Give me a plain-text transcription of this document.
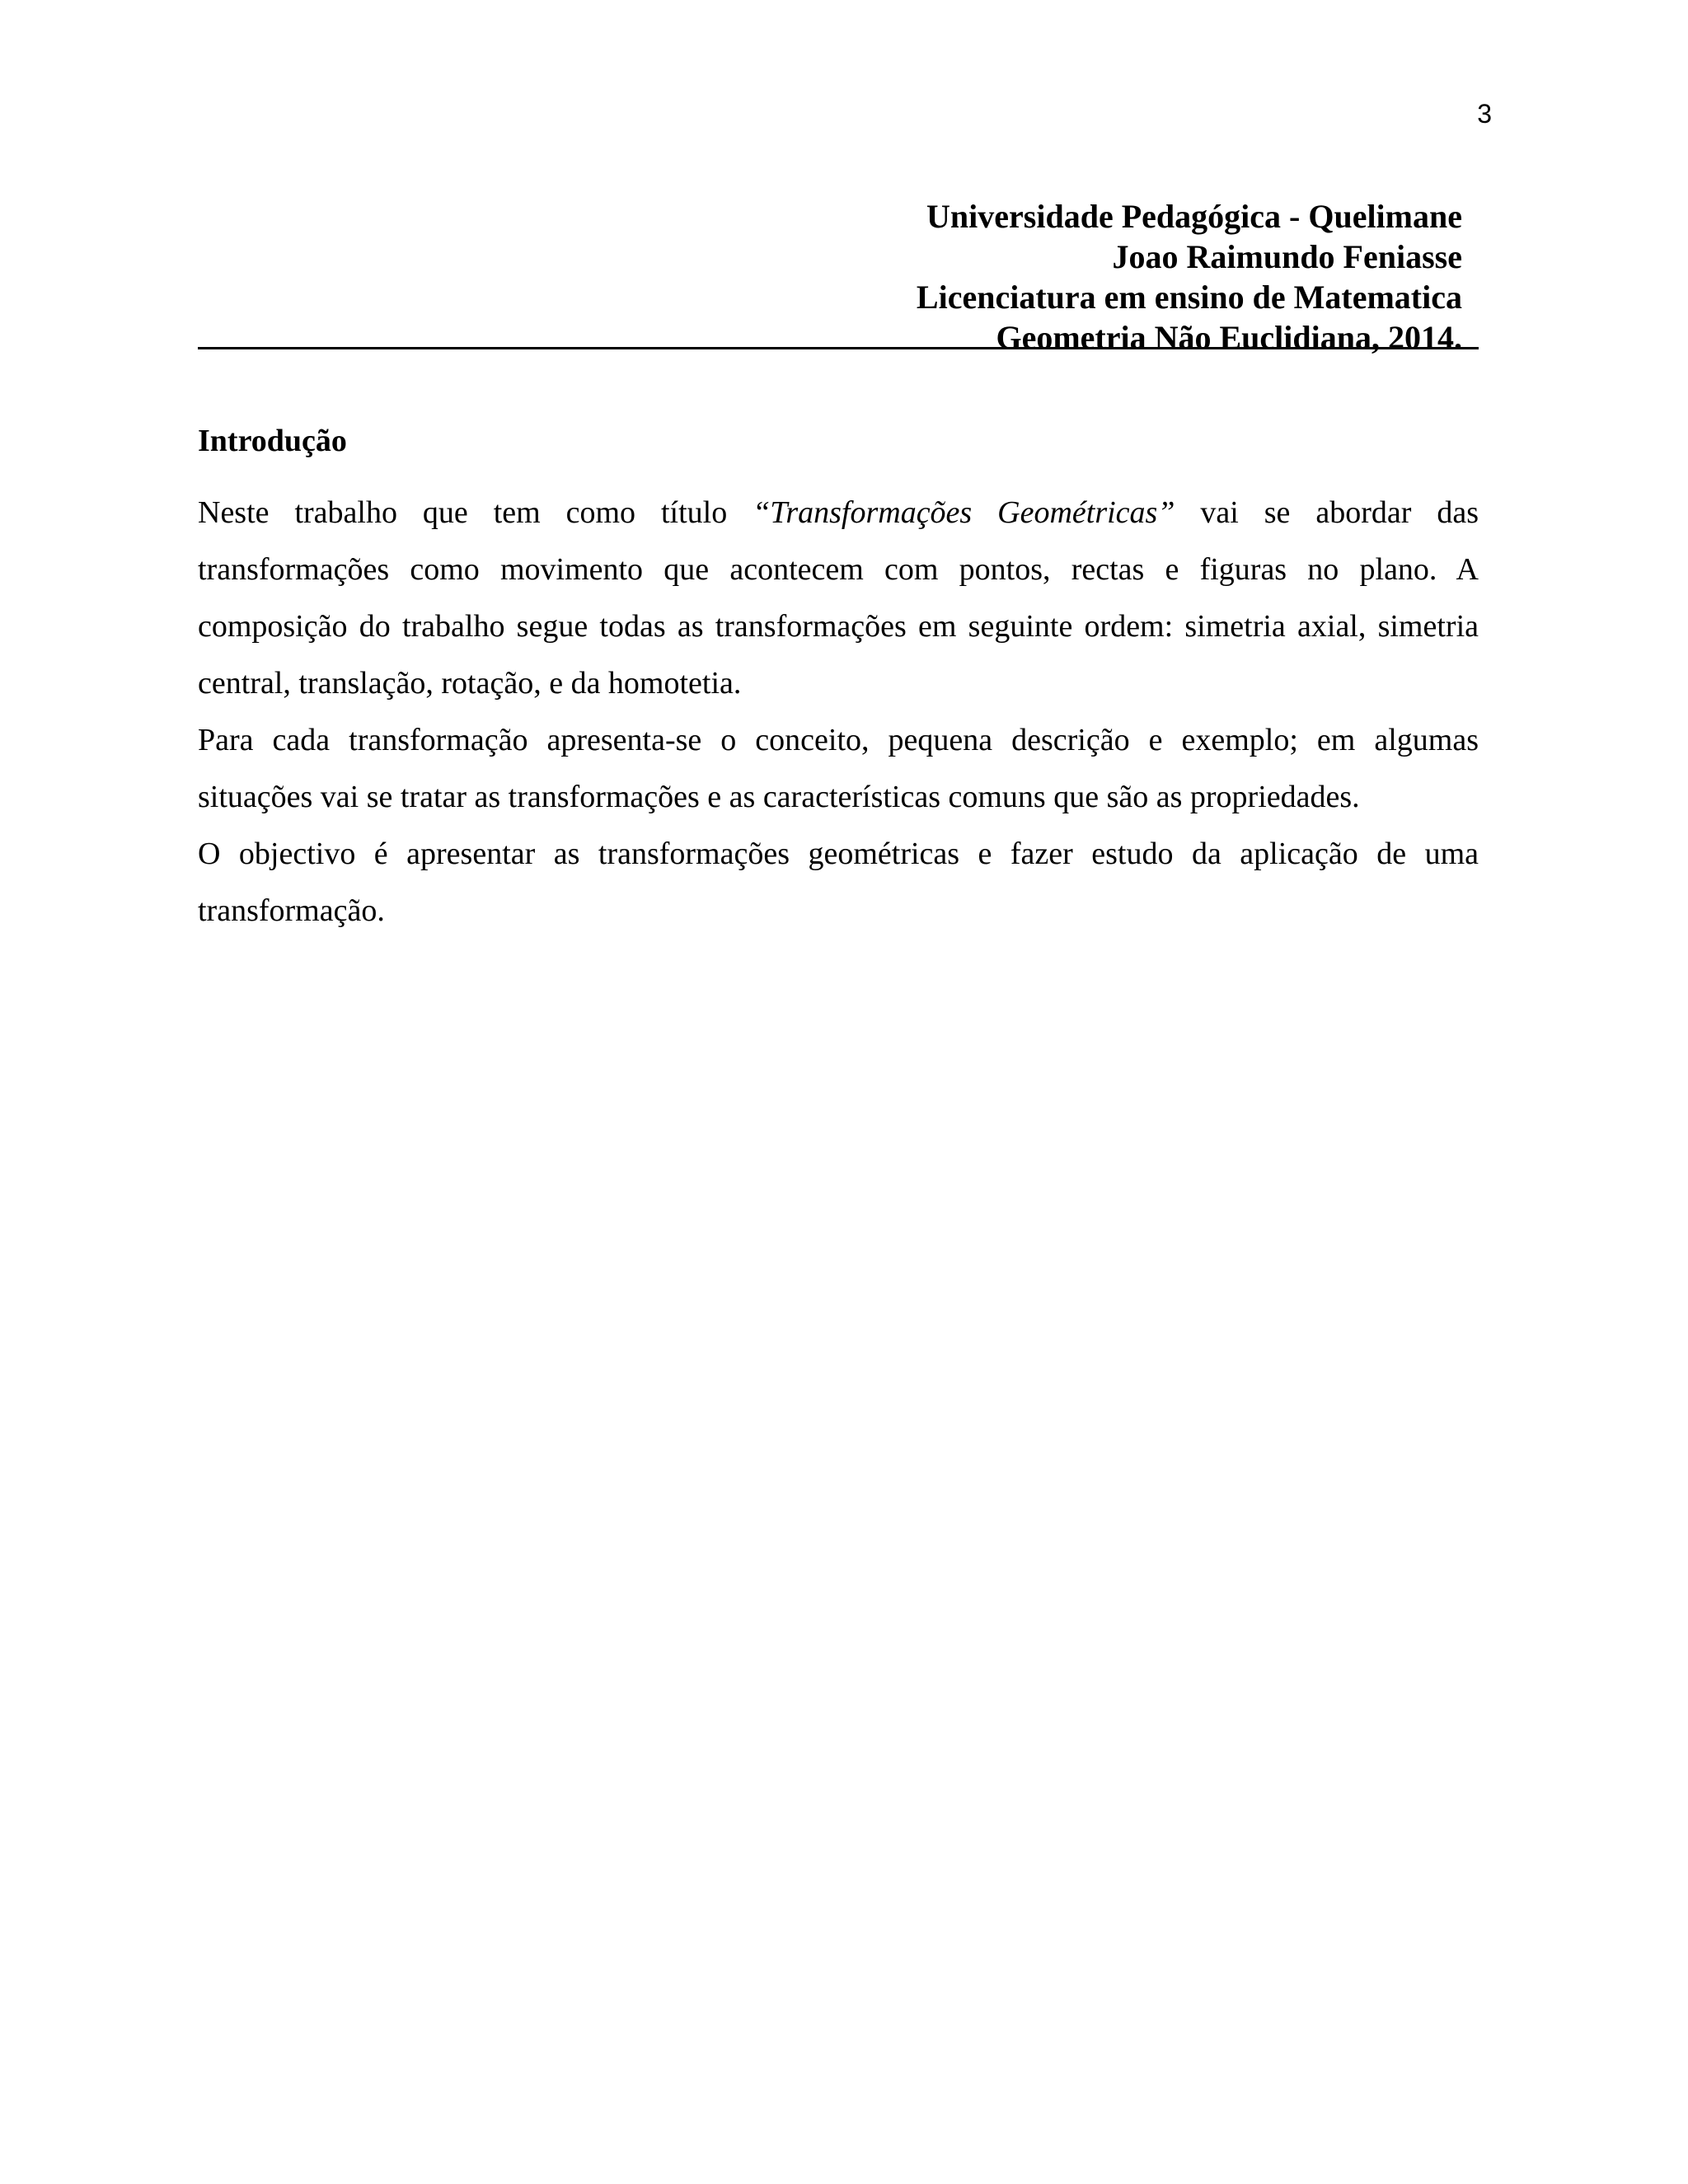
3
Universidade Pedagógica - Quelimane
Joao Raimundo Feniasse
Licenciatura em ensino de Matematica
Geometria Não Euclidiana, 2014.
Introdução

Neste trabalho que tem como título “Transformações Geométricas” vai se abordar das transformações como movimento que acontecem com pontos, rectas e figuras no plano. A composição do trabalho segue todas as transformações em seguinte ordem: simetria axial, simetria central, translação, rotação, e da homotetia.

Para cada transformação apresenta-se o conceito, pequena descrição e exemplo; em algumas situações vai se tratar as transformações e as características comuns que são as propriedades.

O objectivo é apresentar as transformações geométricas e fazer estudo da aplicação de uma transformação.
